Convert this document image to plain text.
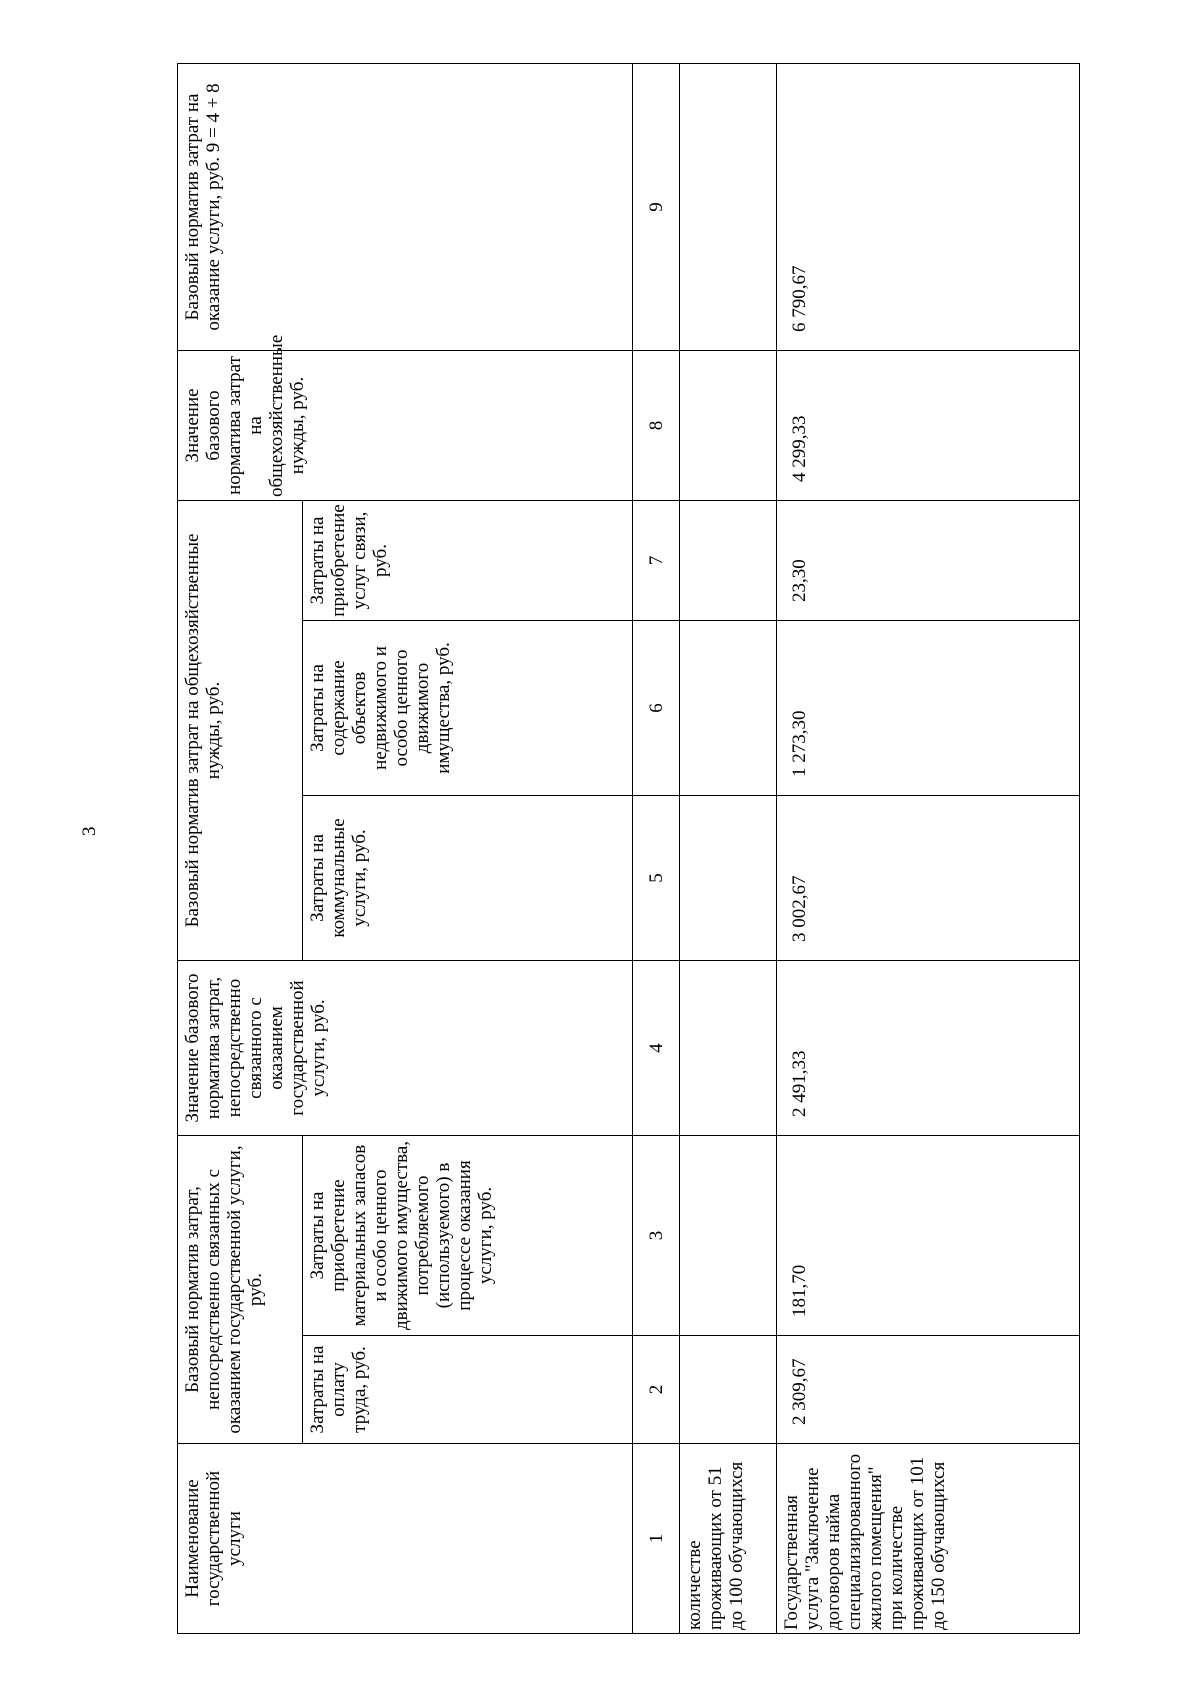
3
Наименование государственной услуги	Базовый норматив затрат, непосредственно связанных с оказанием государственной услуги, руб.		Значение базового норматива затрат, непосредственно связанного с оказанием государственной услуги, руб.	Базовый норматив затрат на общехозяйственные нужды, руб.			Значение базового норматива затрат на общехозяйственные нужды, руб.	Базовый норматив затрат на оказание услуги, руб. 9 = 4 + 8
	Затраты на оплату труда, руб.	Затраты на приобретение материальных запасов и особо ценного движимого имущества, потребляемого (используемого) в процессе оказания услуги, руб.		Затраты на коммунальные услуги, руб.	Затраты на содержание объектов недвижимого и особо ценного движимого имущества, руб.	Затраты на приобретение услуг связи, руб.		
1	2	3	4	5	6	7	8	9
количестве проживающих от 51 до 100 обучающихся								
Государственная услуга "Заключение договоров найма специализированного жилого помещения" при количестве проживающих от 101 до 150 обучающихся	2 309,67	181,70	2 491,33	3 002,67	1 273,30	23,30	4 299,33	6 790,67
